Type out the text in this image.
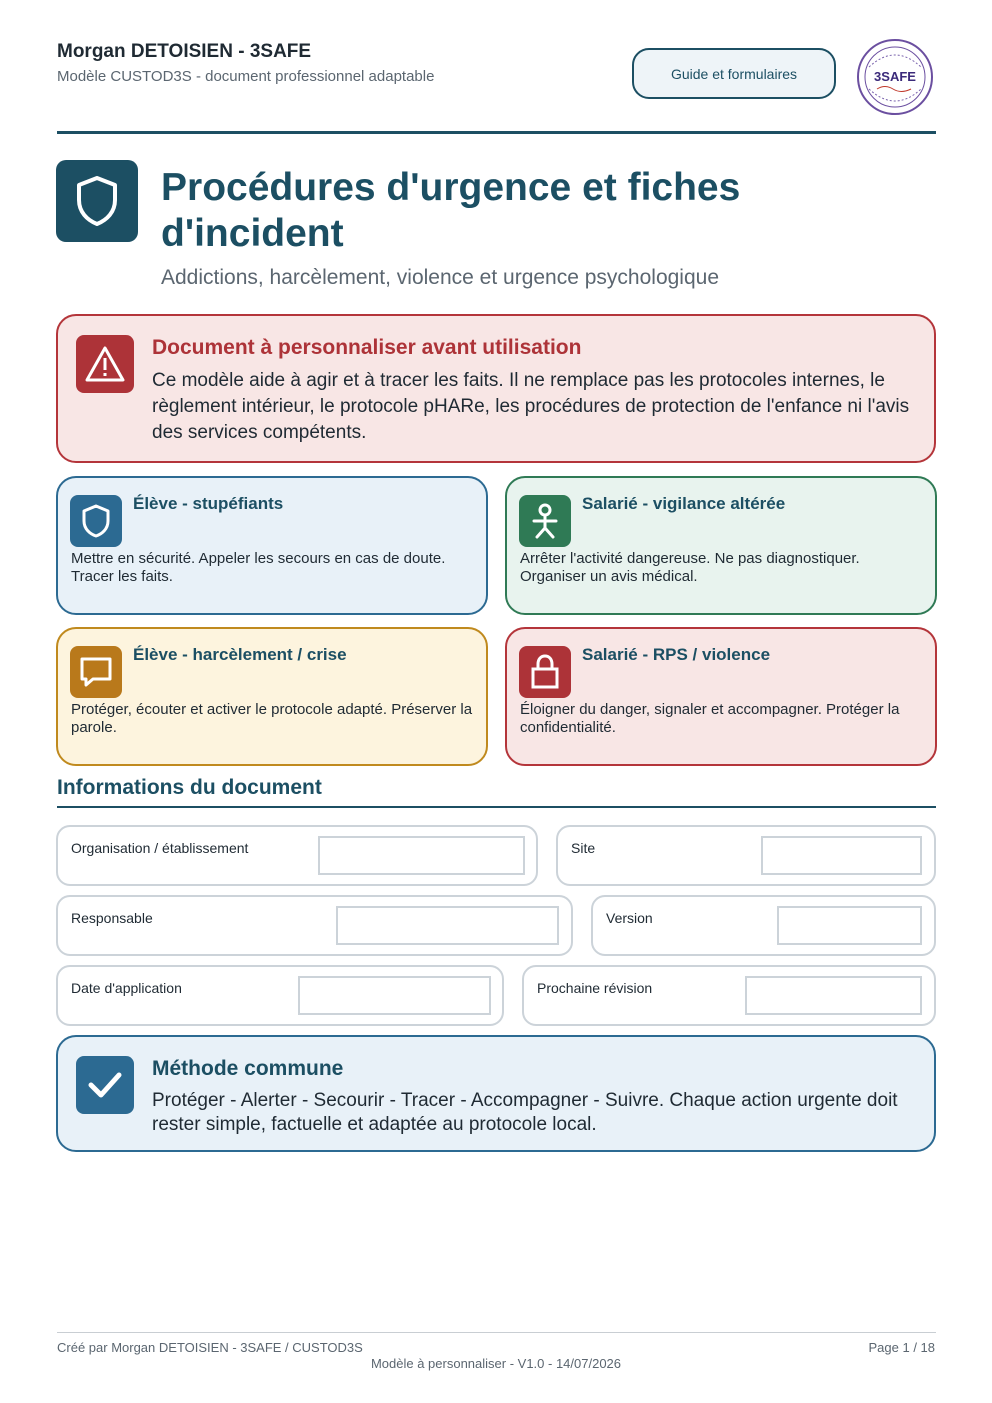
Morgan DETOISIEN - 3SAFE
Modèle CUSTOD3S - document professionnel adaptable	Guide et formulaires	3SAFE
Procédures d'urgence et fiches d'incident
Addictions, harcèlement, violence et urgence psychologique
Document à personnaliser avant utilisation
Ce modèle aide à agir et à tracer les faits. Il ne remplace pas les protocoles internes, le règlement intérieur, le protocole pHARe, les procédures de protection de l'enfance ni l'avis des services compétents.
Élève - stupéfiants
Mettre en sécurité. Appeler les secours en cas de doute. Tracer les faits.
Salarié - vigilance altérée
Arrêter l'activité dangereuse. Ne pas diagnostiquer. Organiser un avis médical.
Élève - harcèlement / crise
Protéger, écouter et activer le protocole adapté. Préserver la parole.
Salarié - RPS / violence
Éloigner du danger, signaler et accompagner. Protéger la confidentialité.
Informations du document
Organisation / établissement	Site
Responsable	Version
Date d'application	Prochaine révision
Méthode commune
Protéger - Alerter - Secourir - Tracer - Accompagner - Suivre. Chaque action urgente doit rester simple, factuelle et adaptée au protocole local.
Créé par Morgan DETOISIEN - 3SAFE / CUSTOD3S	Page 1 / 18
Modèle à personnaliser - V1.0 - 14/07/2026
